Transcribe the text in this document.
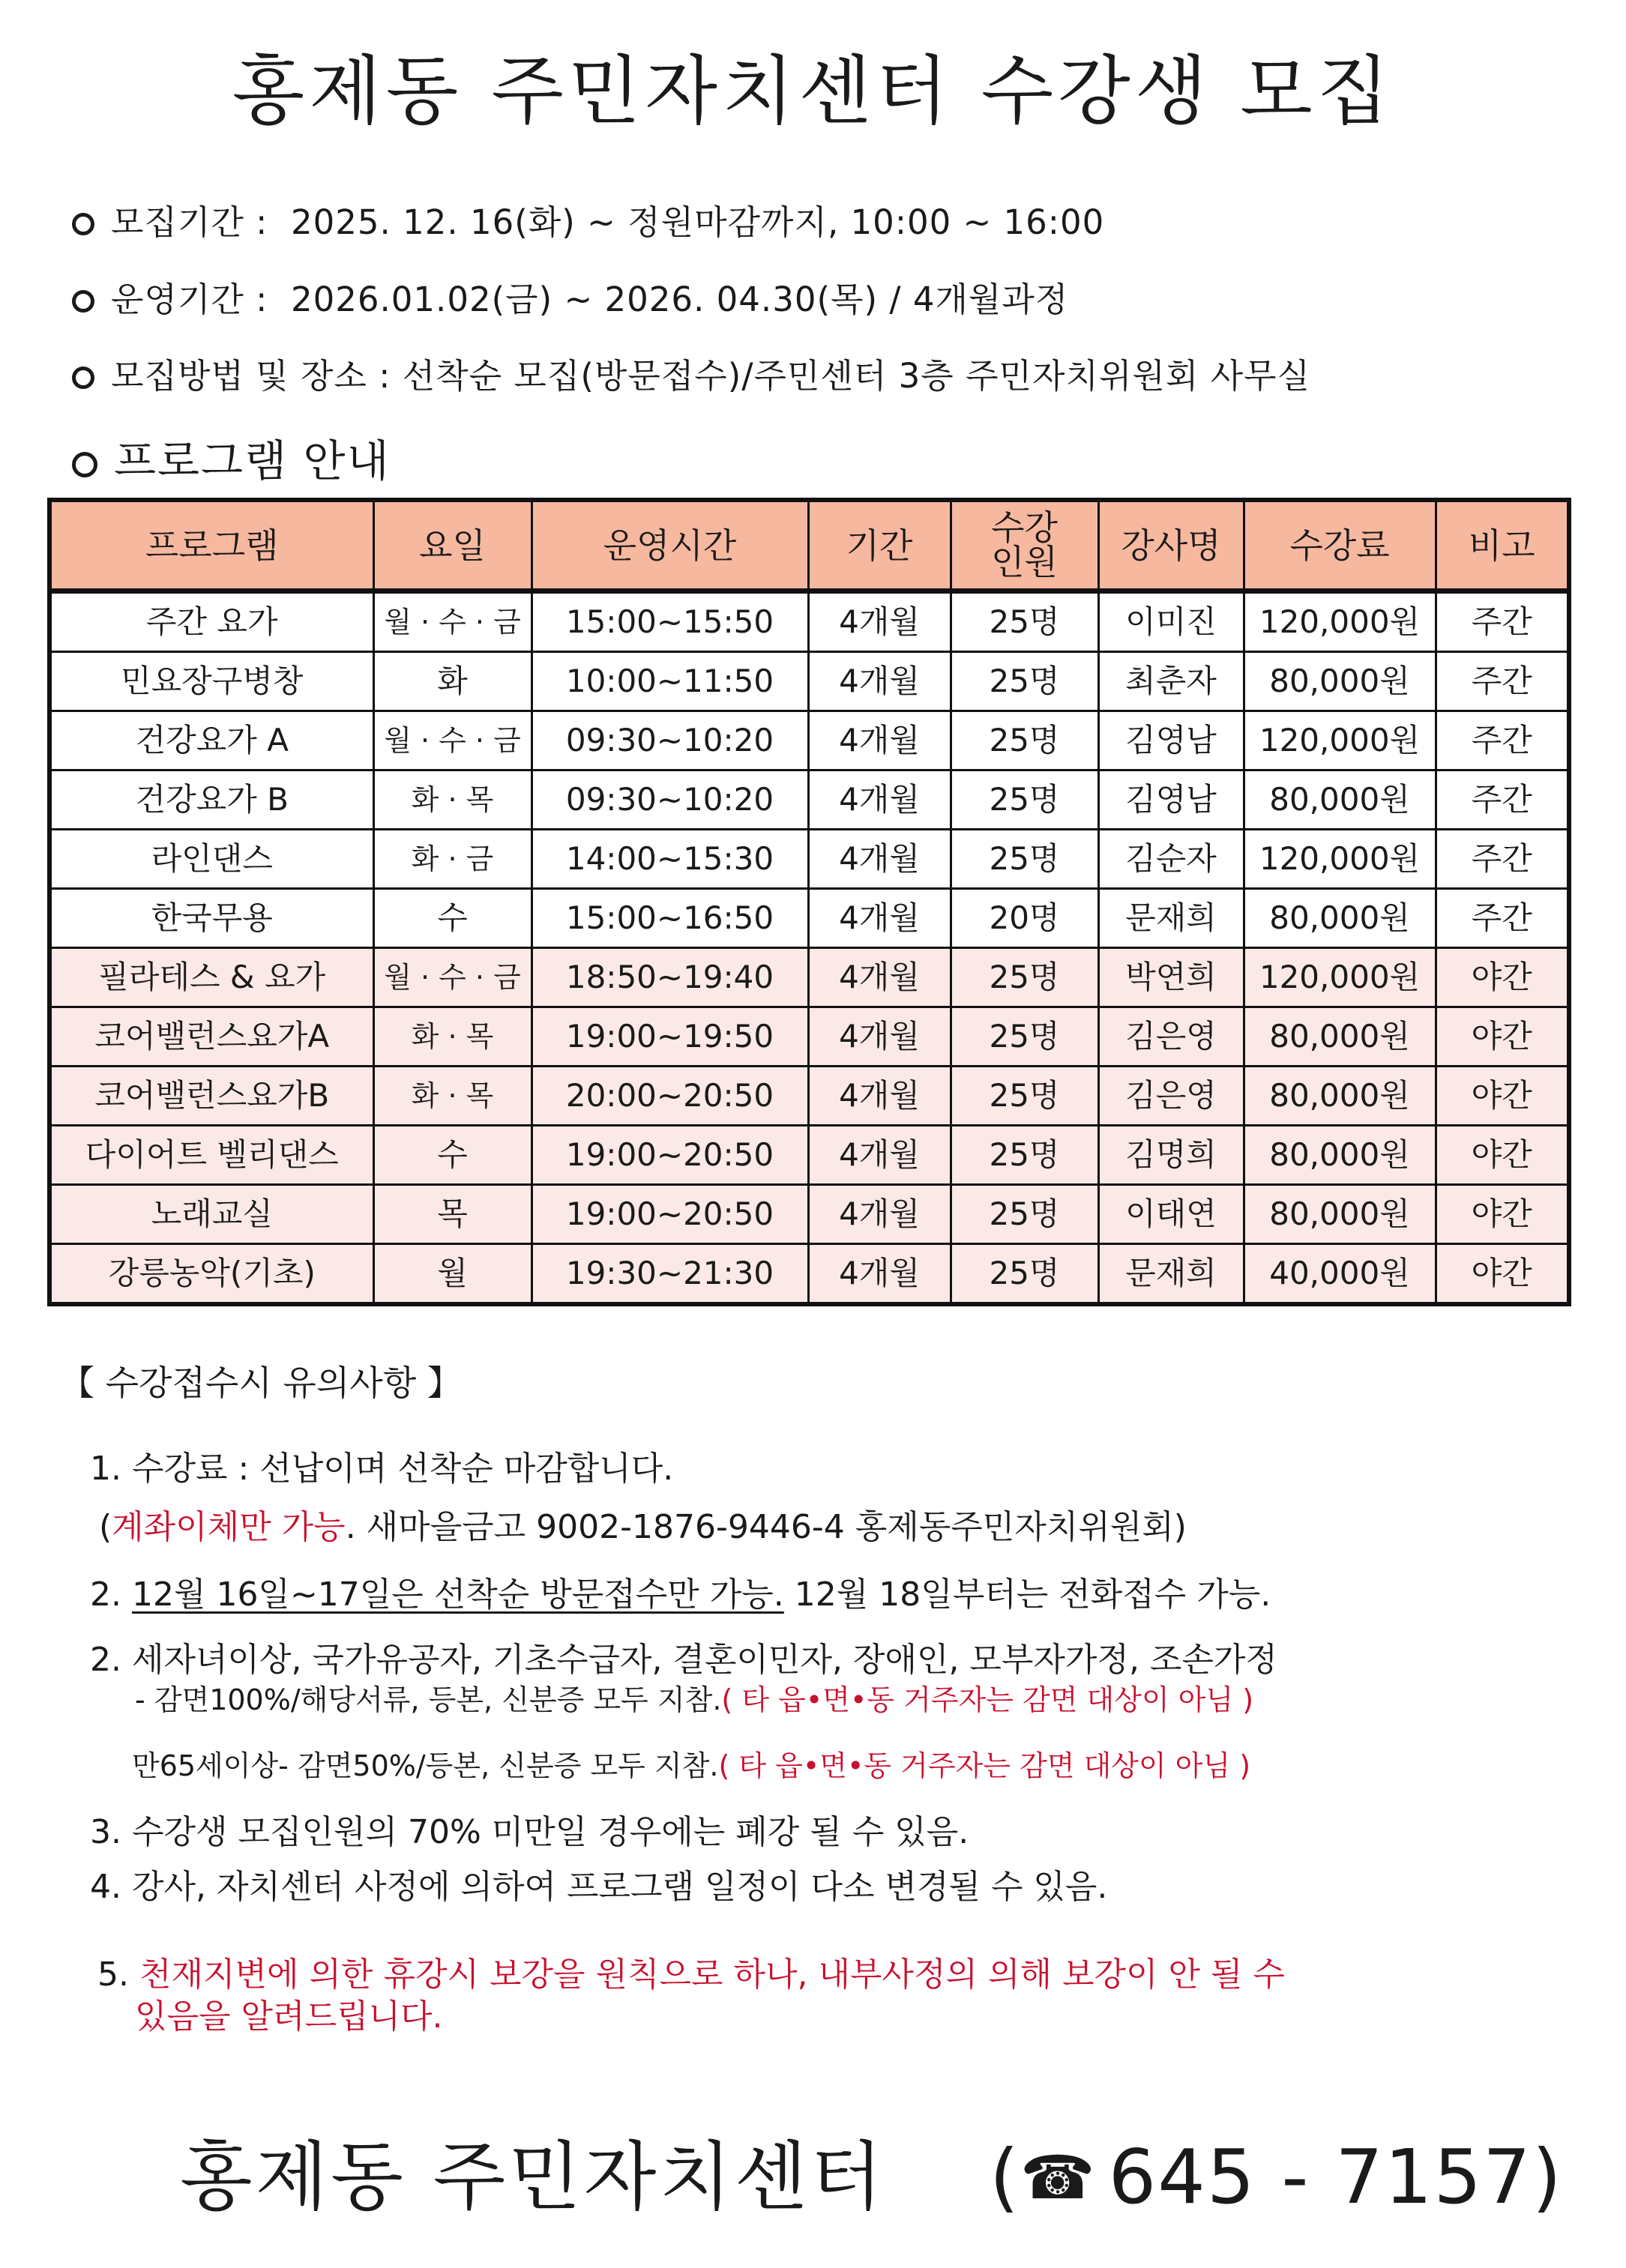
홍제동 주민자치센터 수강생 모집
모집기간 : 2025. 12. 16(화) ~ 정원마감까지, 10:00 ~ 16:00
운영기간 : 2026.01.02(금) ~ 2026. 04.30(목) / 4개월과정
모집방법 및 장소 : 선착순 모집(방문접수)/주민센터 3층 주민자치위원회 사무실
프로그램 안내
프로그램	요일	운영시간	기간	수강 인원	강사명	수강료	비고
주간 요가	월 · 수 · 금	15:00~15:50	4개월	25명	이미진	120,000원	주간
민요장구병창	화	10:00~11:50	4개월	25명	최춘자	80,000원	주간
건강요가 A	월 · 수 · 금	09:30~10:20	4개월	25명	김영남	120,000원	주간
건강요가 B	화 · 목	09:30~10:20	4개월	25명	김영남	80,000원	주간
라인댄스	화 · 금	14:00~15:30	4개월	25명	김순자	120,000원	주간
한국무용	수	15:00~16:50	4개월	20명	문재희	80,000원	주간
필라테스 & 요가	월 · 수 · 금	18:50~19:40	4개월	25명	박연희	120,000원	야간
코어밸런스요가A	화 · 목	19:00~19:50	4개월	25명	김은영	80,000원	야간
코어밸런스요가B	화 · 목	20:00~20:50	4개월	25명	김은영	80,000원	야간
다이어트 벨리댄스	수	19:00~20:50	4개월	25명	김명희	80,000원	야간
노래교실	목	19:00~20:50	4개월	25명	이태연	80,000원	야간
강릉농악(기초)	월	19:30~21:30	4개월	25명	문재희	40,000원	야간
【 수강접수시 유의사항 】
1. 수강료 : 선납이며 선착순 마감합니다.
(계좌이체만 가능. 새마을금고 9002-1876-9446-4 홍제동주민자치위원회)
2. 12월 16일~17일은 선착순 방문접수만 가능. 12월 18일부터는 전화접수 가능.
2. 세자녀이상, 국가유공자, 기초수급자, 결혼이민자, 장애인, 모부자가정, 조손가정
- 감면100%/해당서류, 등본, 신분증 모두 지참.( 타 읍•면•동 거주자는 감면 대상이 아님 )
만65세이상- 감면50%/등본, 신분증 모두 지참.( 타 읍•면•동 거주자는 감면 대상이 아님 )
3. 수강생 모집인원의 70% 미만일 경우에는 폐강 될 수 있음.
4. 강사, 자치센터 사정에 의하여 프로그램 일정이 다소 변경될 수 있음.
5. 천재지변에 의한 휴강시 보강을 원칙으로 하나, 내부사정의 의해 보강이 안 될 수
있음을 알려드립니다.
홍제동 주민자치센터 (☎ 645 - 7157)
